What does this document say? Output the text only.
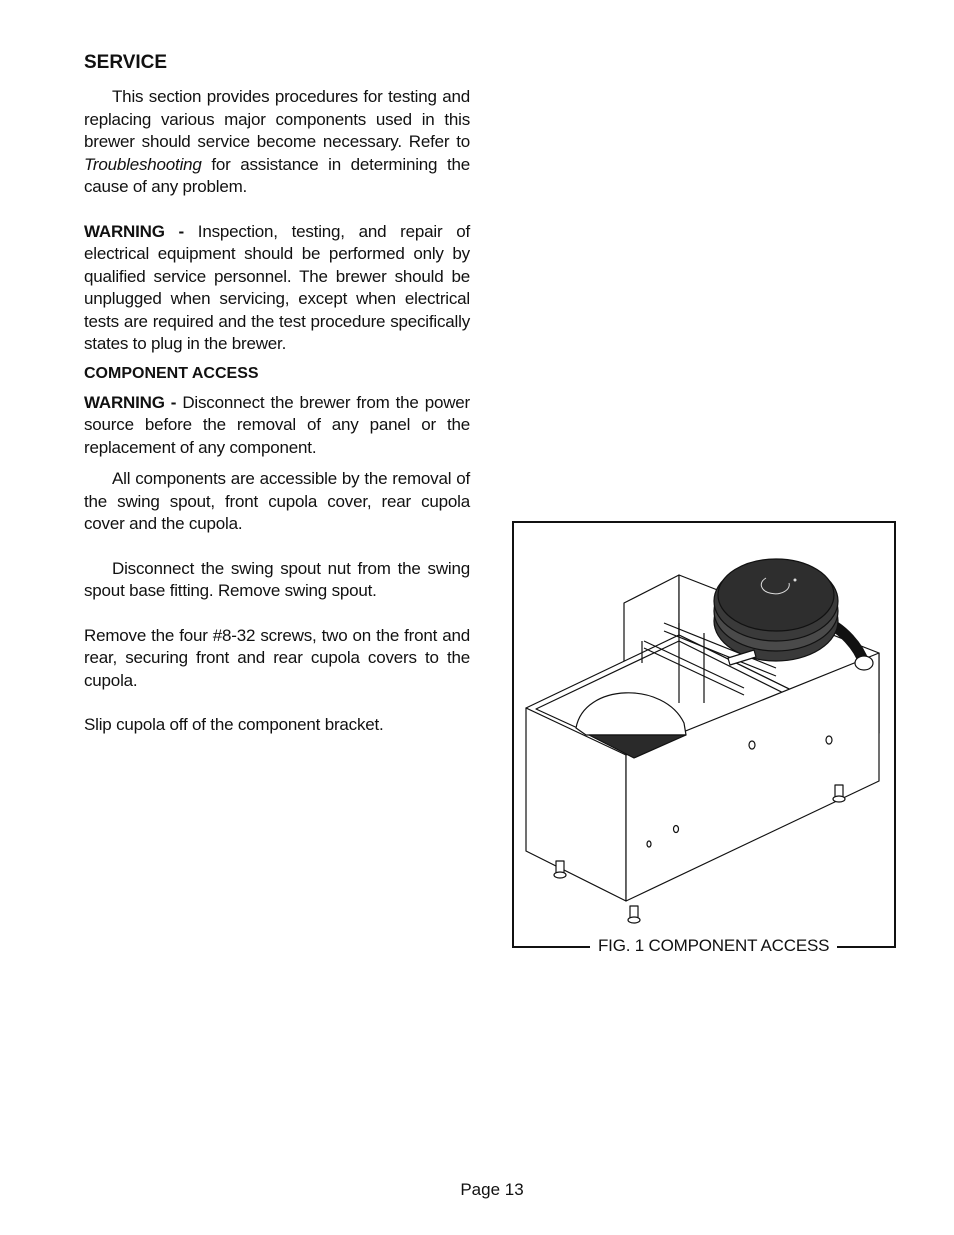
SERVICE

This section provides procedures for testing and replacing various major components used in this brewer should service become necessary. Refer to Troubleshooting for assistance in determining the cause of any problem.

WARNING - Inspection, testing, and repair of electrical equipment should be performed only by qualified service personnel. The brewer should be unplugged when servicing, except when electrical tests are required and the test procedure specifically states to plug in the brewer.

COMPONENT ACCESS

WARNING - Disconnect the brewer from the power source before the removal of any panel or the replacement of any component.

All components are accessible by the removal of the swing spout, front cupola cover, rear cupola cover and the cupola.

Disconnect the swing spout nut from the swing spout base fitting. Remove swing spout.

Remove the four #8-32 screws, two on the front and rear, securing front and rear cupola covers to the cupola.

Slip cupola off of the component bracket.

FIG. 1 COMPONENT ACCESS
Page 13
